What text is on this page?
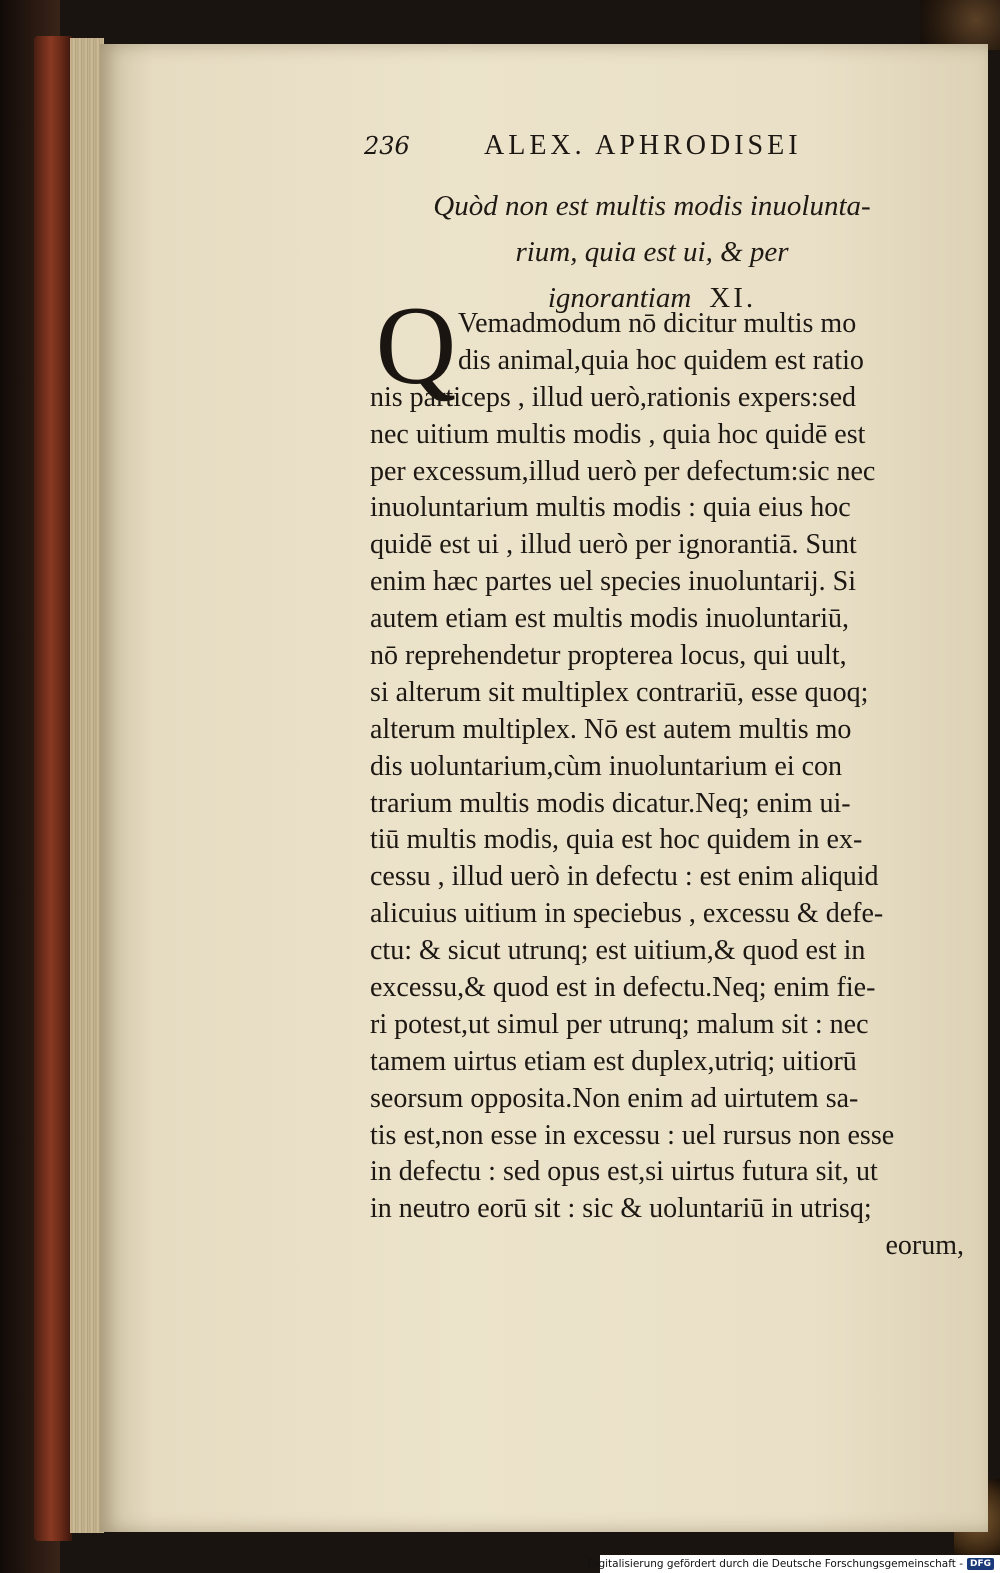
236	ALEX. APHRODISEI
Quòd non est multis modis inuolunta-
rium, quia est ui, & per
ignorantiam XI.
Q Vemadmodum nō dicitur multis mo
dis animal,quia hoc quidem est ratio
nis particeps , illud uerò,rationis expers:sed
nec uitium multis modis , quia hoc quidē est
per excessum,illud uerò per defectum:sic nec
inuoluntarium multis modis : quia eius hoc
quidē est ui , illud uerò per ignorantiā. Sunt
enim hæc partes uel species inuoluntarij. Si
autem etiam est multis modis inuoluntariū,
nō reprehendetur propterea locus, qui uult,
si alterum sit multiplex contrariū, esse quoq;
alterum multiplex. Nō est autem multis mo
dis uoluntarium,cùm inuoluntarium ei con
trarium multis modis dicatur.Neq; enim ui-
tiū multis modis, quia est hoc quidem in ex-
cessu , illud uerò in defectu : est enim aliquid
alicuius uitium in speciebus , excessu & defe-
ctu: & sicut utrunq; est uitium,& quod est in
excessu,& quod est in defectu.Neq; enim fie-
ri potest,ut simul per utrunq; malum sit : nec
tamem uirtus etiam est duplex,utriq; uitiorū
seorsum opposita.Non enim ad uirtutem sa-
tis est,non esse in excessu : uel rursus non esse
in defectu : sed opus est,si uirtus futura sit, ut
in neutro eorū sit : sic & uoluntariū in utrisq;
eorum,
Digitalisierung gefördert durch die Deutsche Forschungsgemeinschaft - DFG
